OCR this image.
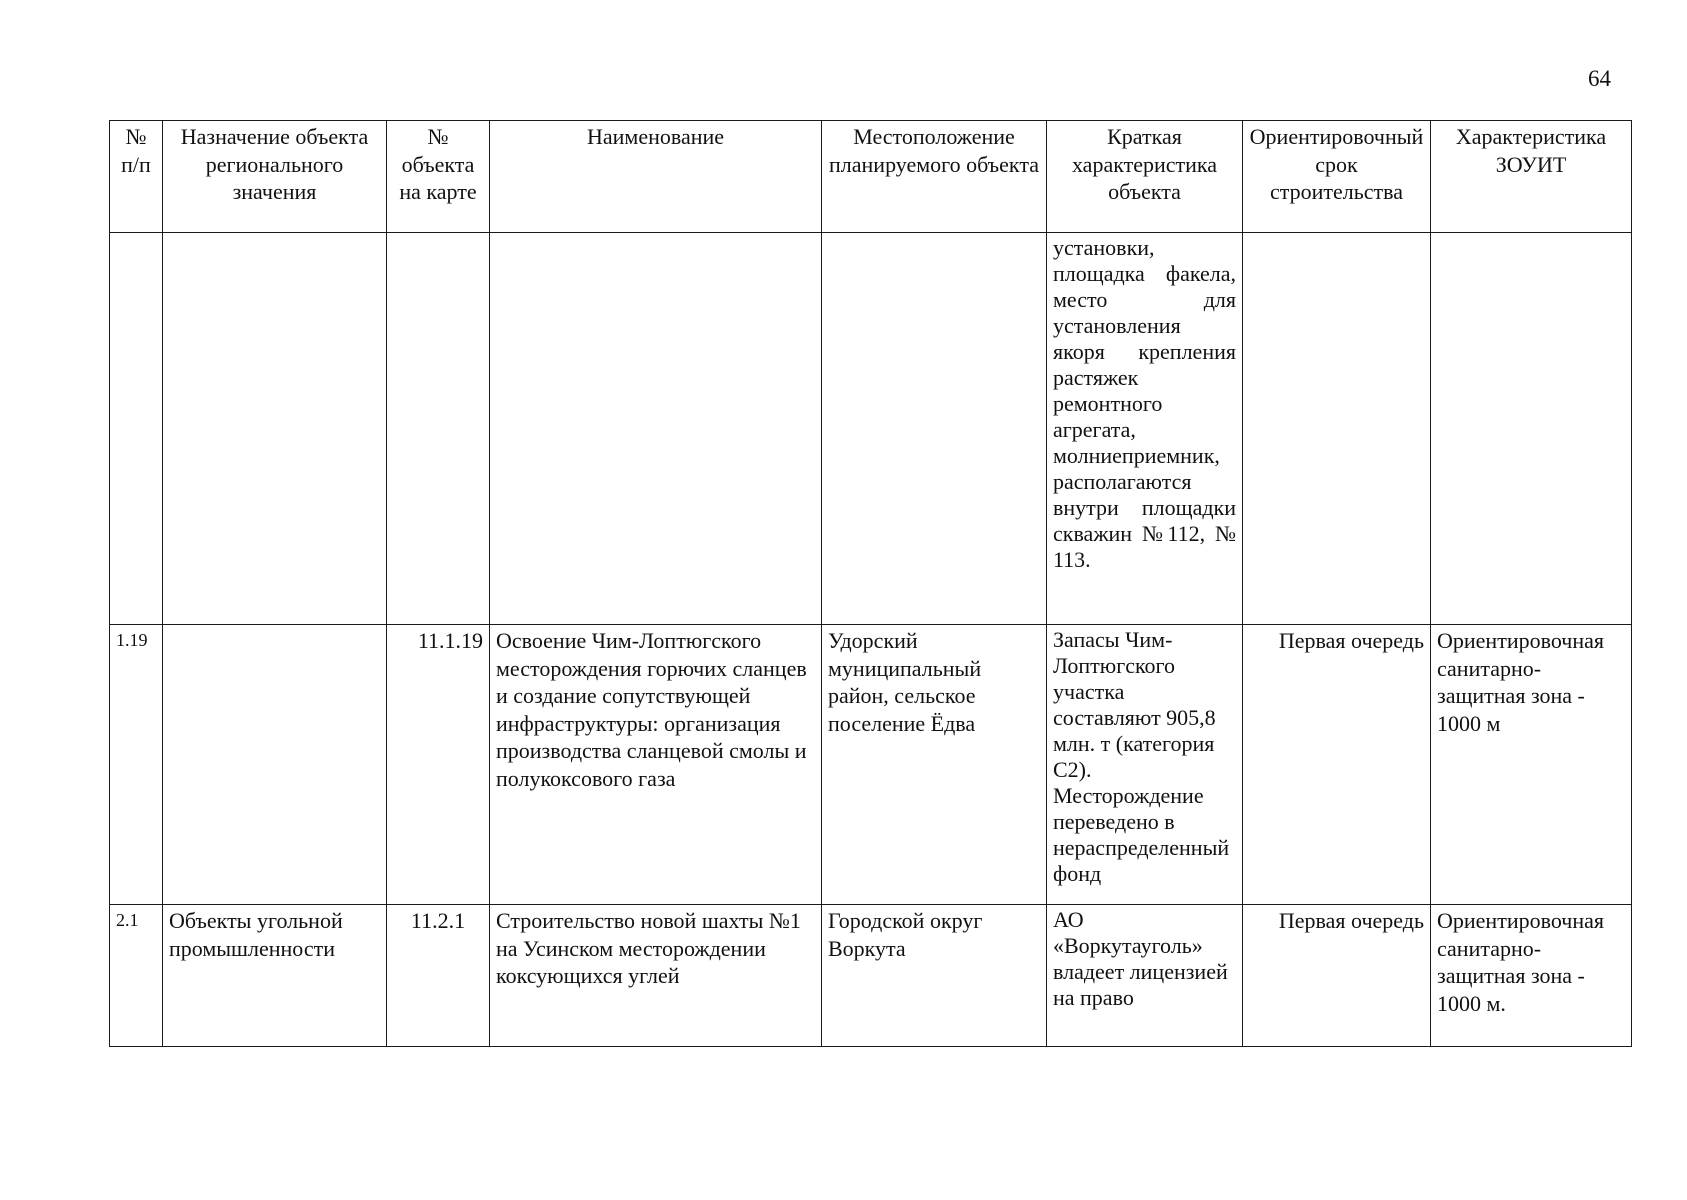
64
№ п/п	Назначение объекта регионального значения	№ объекта на карте	Наименование	Местоположение планируемого объекта	Краткая характеристика объекта	Ориентировочный срок строительства	Характеристика ЗОУИТ
					установки, площадка факела, место для установления якоря крепления растяжек ремонтного агрегата, молниеприемник, располагаются внутри площадки скважин №112, № 113.		
1.19		11.1.19	Освоение Чим-Лоптюгского месторождения горючих сланцев и создание сопутствующей инфраструктуры: организация производства сланцевой смолы и полукоксового газа	Удорский муниципальный район, сельское поселение Ёдва	Запасы Чим-Лоптюгского участка составляют 905,8 млн. т (категория С2). Месторождение переведено в нераспределенный фонд	Первая очередь	Ориентировочная санитарно-защитная зона - 1000 м
2.1	Объекты угольной промышленности	11.2.1	Строительство новой шахты №1 на Усинском месторождении коксующихся углей	Городской округ Воркута	АО «Воркутауголь» владеет лицензией на право	Первая очередь	Ориентировочная санитарно-защитная зона - 1000 м.
